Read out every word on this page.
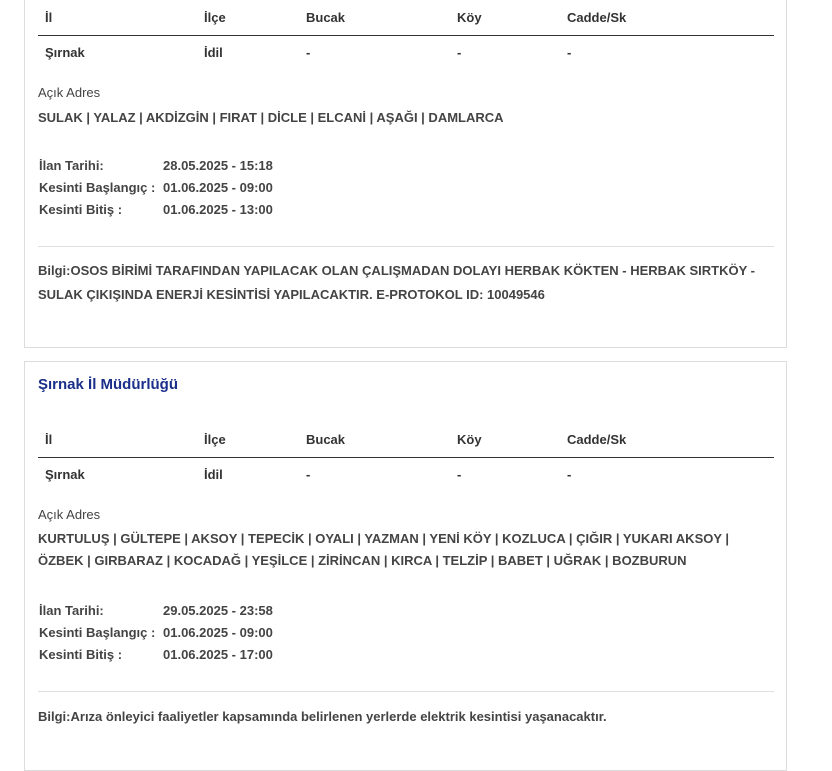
İl	İlçe	Bucak	Köy	Cadde/Sk
Şırnak	İdil	-	-	-
Açık Adres
SULAK | YALAZ | AKDİZGİN | FIRAT | DİCLE | ELCANİ | AŞAĞI | DAMLARCA
İlan Tarihi:	28.05.2025 - 15:18
Kesinti Başlangıç : 01.06.2025 - 09:00
Kesinti Bitiş :	01.06.2025 - 13:00
Bilgi:OSOS BİRİMİ TARAFINDAN YAPILACAK OLAN ÇALIŞMADAN DOLAYI HERBAK KÖKTEN - HERBAK SIRTKÖY - SULAK ÇIKIŞINDA ENERJİ KESİNTİSİ YAPILACAKTIR. E-PROTOKOL ID: 10049546
Şırnak İl Müdürlüğü
İl	İlçe	Bucak	Köy	Cadde/Sk
Şırnak	İdil	-	-	-
Açık Adres
KURTULUŞ | GÜLTEPE | AKSOY | TEPECİK | OYALI | YAZMAN | YENİ KÖY | KOZLUCA | ÇIĞIR | YUKARI AKSOY | ÖZBEK | GIRBARAZ | KOCADAĞ | YEŞİLCE | ZİRİNCAN | KIRCA | TELZİP | BABET | UĞRAK | BOZBURUN
İlan Tarihi:	29.05.2025 - 23:58
Kesinti Başlangıç : 01.06.2025 - 09:00
Kesinti Bitiş :	01.06.2025 - 17:00
Bilgi:Arıza önleyici faaliyetler kapsamında belirlenen yerlerde elektrik kesintisi yaşanacaktır.
